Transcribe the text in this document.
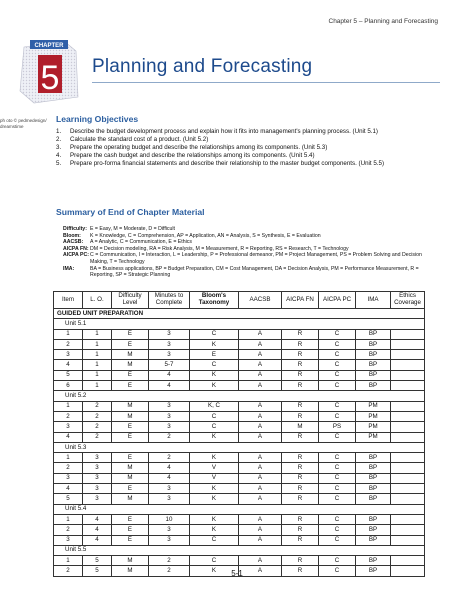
Chapter 5 – Planning and Forecasting
CHAPTER
5
ph oto © pedmedesign/
dreamstime
Planning and Forecasting
Learning Objectives
1.	Describe the budget development process and explain how it fits into management's planning process. (Unit 5.1)
2.	Calculate the standard cost of a product. (Unit 5.2)
3.	Prepare the operating budget and describe the relationships among its components. (Unit 5.3)
4.	Prepare the cash budget and describe the relationships among its components. (Unit 5.4)
5.	Prepare pro-forma financial statements and describe their relationship to the master budget components. (Unit 5.5)
Summary of End of Chapter Material
Difficulty: E = Easy, M = Moderate, D = Difficult
Bloom:	K = Knowledge, C = Comprehension, AP = Application, AN = Analysis, S = Synthesis, E = Evaluation
AACSB:	A = Analytic, C = Communication, E = Ethics
AICPA FN: DM = Decision modeling, RA = Risk Analysis, M = Measurement, R = Reporting, RS = Research, T = Technology
AICPA PC: C = Communication, I = Interaction, L = Leadership, P = Professional demeanor, PM = Project Management, PS = Problem Solving and Decision Making, T = Technology
IMA:	BA = Business applications, BP = Budget Preparation, CM = Cost Management, DA = Decision Analysis, PM = Performance Measurement, R = Reporting, SP = Strategic Planning
Item	L. O.	Difficulty Level	Minutes to Complete	Bloom's Taxonomy	AACSB	AICPA FN	AICPA PC	IMA	Ethics Coverage
GUIDED UNIT PREPARATION									
Unit 5.1									
1	1	E	3	C	A	R	C	BP	
2	1	E	3	K	A	R	C	BP	
3	1	M	3	E	A	R	C	BP	
4	1	M	5-7	C	A	R	C	BP	
5	1	E	4	K	A	R	C	BP	
6	1	E	4	K	A	R	C	BP	
Unit 5.2									
1	2	M	3	K, C	A	R	C	PM	
2	2	M	3	C	A	R	C	PM	
3	2	E	3	C	A	M	PS	PM	
4	2	E	2	K	A	R	C	PM	
Unit 5.3									
1	3	E	2	K	A	R	C	BP	
2	3	M	4	V	A	R	C	BP	
3	3	M	4	V	A	R	C	BP	
4	3	E	3	K	A	R	C	BP	
5	3	M	3	K	A	R	C	BP	
Unit 5.4									
1	4	E	10	K	A	R	C	BP	
2	4	E	3	K	A	R	C	BP	
3	4	E	3	C	A	R	C	BP	
Unit 5.5									
1	5	M	2	C	A	R	C	BP	
2	5	M	2	K	A	R	C	BP	
5-1
